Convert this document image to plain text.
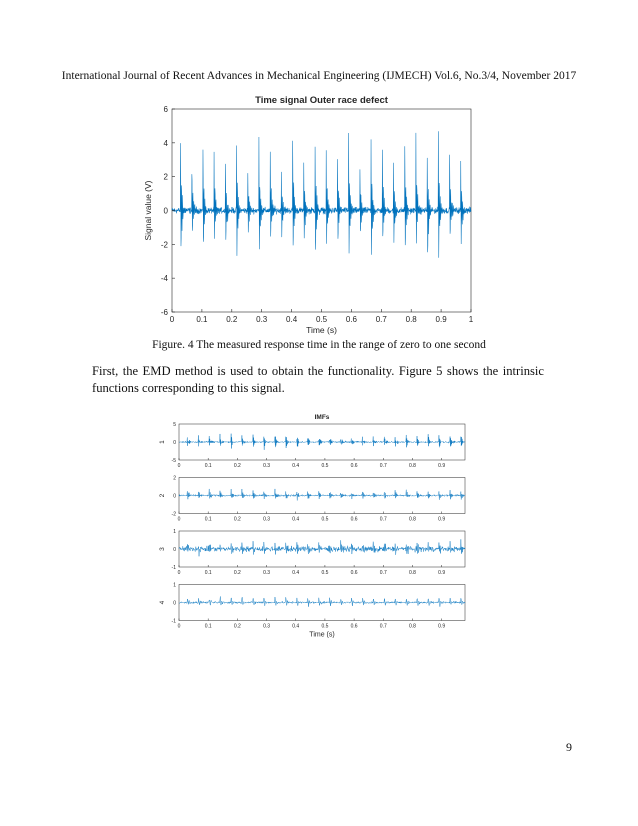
International Journal of Recent Advances in Mechanical Engineering (IJMECH) Vol.6, No.3/4, November 2017
Time signal Outer race defect
0	0.1 0.2 0.3 0.4 0.5 0.6 0.7 0.8 0.9	1
6
4
2
0
-2
-4
-6
Time (s)
Signal value (V)
Figure. 4 The measured response time in the range of zero to one second
First, the EMD method is used to obtain the functionality. Figure 5 shows the intrinsic functions corresponding to this signal.
IMFs
5
0
-5
1
0	0.1	0.2	0.3	0.4	0.5	0.6	0.7	0.8	0.9
2
0
-2
2
0	0.1	0.2	0.3	0.4	0.5	0.6	0.7	0.8	0.9
1
0
-1
3
0	0.1	0.2	0.3	0.4	0.5	0.6	0.7	0.8	0.9
1
0
-1
4
0	0.1	0.2	0.3	0.4	0.5	0.6	0.7	0.8	0.9
Time (s)
9
